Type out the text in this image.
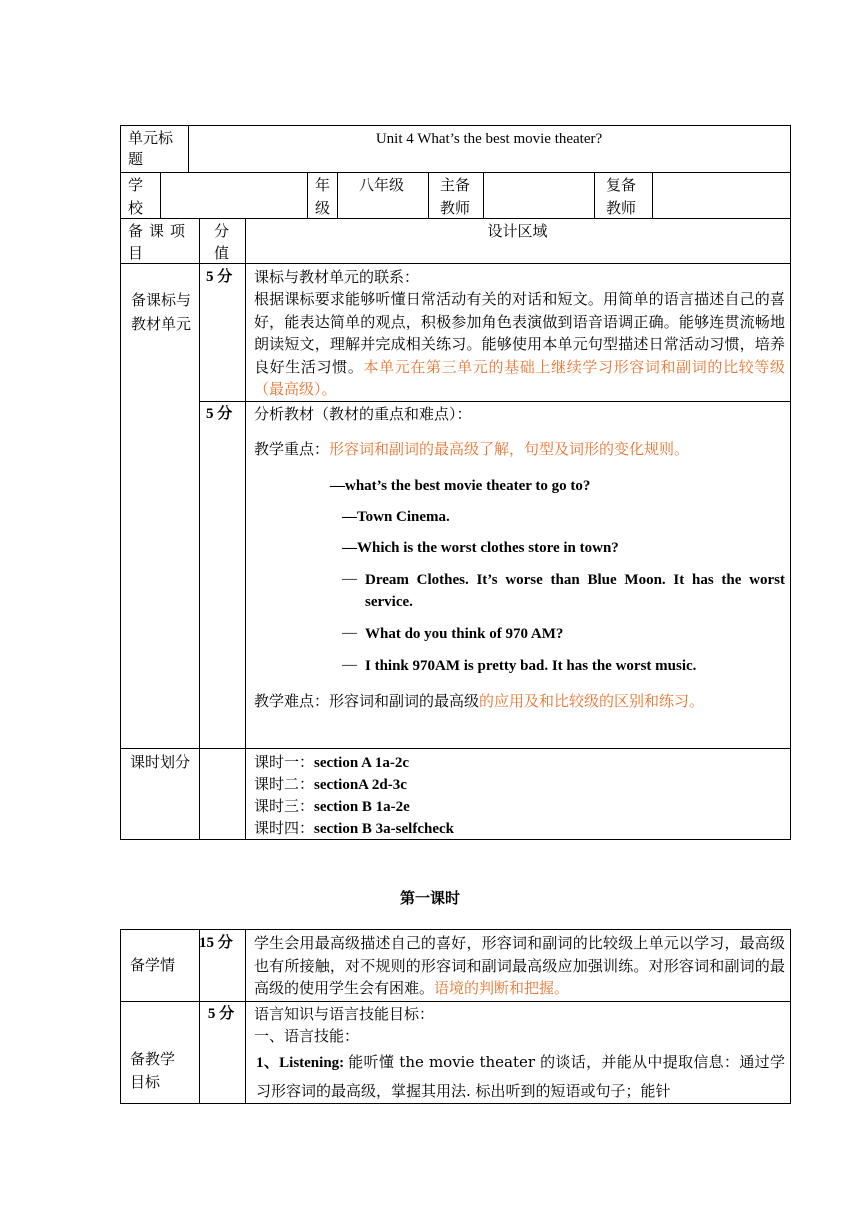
单元标题
Unit 4 What’s the best movie theater?
学校
年级
八年级 主备教师
复备教师
备课项目
分值
设计区域
备课标与教材单元
5 分 课标与教材单元的联系：
根据课标要求能够听懂日常活动有关的对话和短文。用简单的语言描述自己的喜好，能表达简单的观点，积极参加角色表演做到语音语调正确。能够连贯流畅地朗读短文，理解并完成相关练习。能够使用本单元句型描述日常活动习惯，培养良好生活习惯。本单元在第三单元的基础上继续学习形容词和副词的比较等级（最高级）。
5 分 分析教材（教材的重点和难点）：
教学重点：形容词和副词的最高级了解，句型及词形的变化规则。
—what’s the best movie theater to go to?
—Town Cinema.
—Which is the worst clothes store in town?
— Dream Clothes. It’s worse than Blue Moon. It has the worst service.
— What do you think of 970 AM?
— I think 970AM is pretty bad. It has the worst music.
教学难点：形容词和副词的最高级的应用及和比较级的区别和练习。
课时划分	课时一：section A 1a-2c
课时二：sectionA 2d-3c
课时三：section B 1a-2e
课时四：section B 3a-selfcheck
第一课时
备学情
15 分 学生会用最高级描述自己的喜好，形容词和副词的比较级上单元以学习，最高级也有所接触，对不规则的形容词和副词最高级应加强训练。对形容词和副词的最高级的使用学生会有困难。语境的判断和把握。
备教学目标
5 分	语言知识与语言技能目标：
一、语言技能：
1、Listening: 能听懂 the movie theater 的谈话，并能从中提取信息：通过学习形容词的最高级，掌握其用法. 标出听到的短语或句子；能针
